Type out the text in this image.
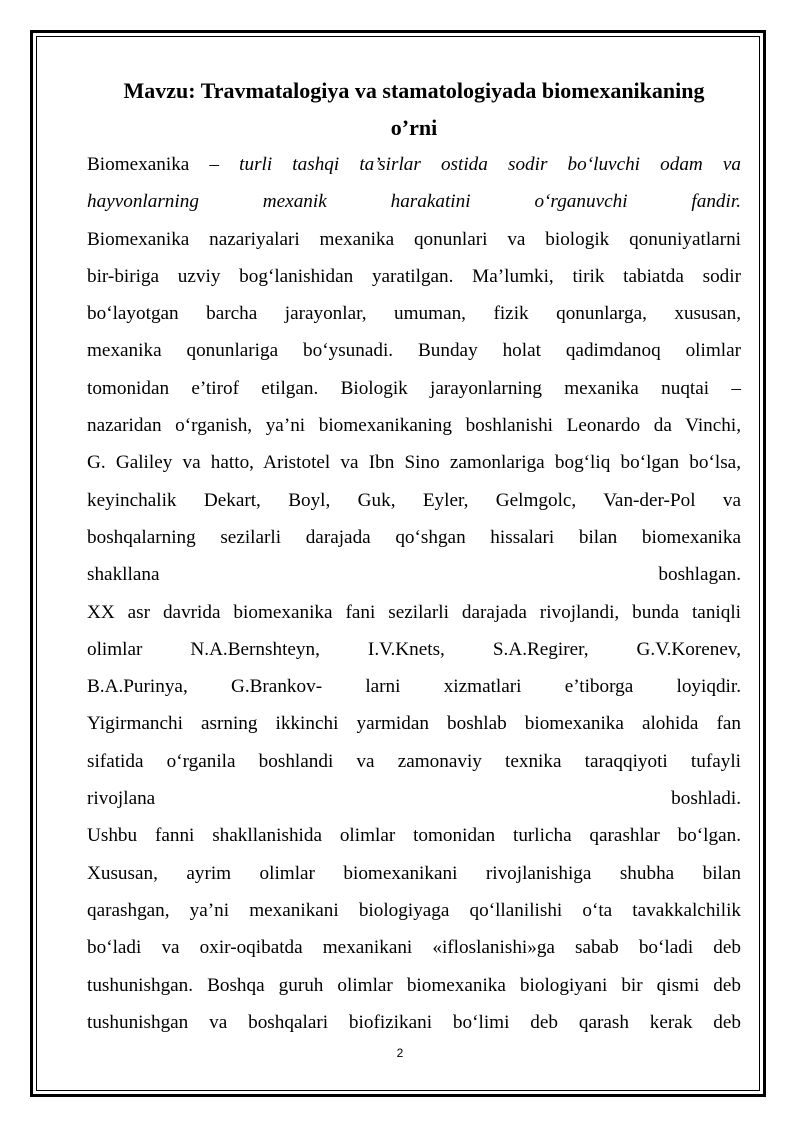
Mavzu: Travmatalogiya va stamatologiyada biomexanikaning
o’rni
Biomexanika – turli tashqi ta’sirlar ostida sodir bo‘luvchi odam va
hayvonlarning mexanik harakatini o‘rganuvchi fandir.
Biomexanika nazariyalari mexanika qonunlari va biologik qonuniyatlarni
bir-biriga uzviy bog‘lanishidan yaratilgan. Ma’lumki, tirik tabiatda sodir
bo‘layotgan barcha jarayonlar, umuman, fizik qonunlarga, xususan,
mexanika qonunlariga bo‘ysunadi. Bunday holat qadimdanoq olimlar
tomonidan e’tirof etilgan. Biologik jarayonlarning mexanika nuqtai –
nazaridan o‘rganish, ya’ni biomexanikaning boshlanishi Leonardo da Vinchi,
G. Galiley va hatto, Aristotel va Ibn Sino zamonlariga bog‘liq bo‘lgan bo‘lsa,
keyinchalik Dekart, Boyl, Guk, Eyler, Gelmgolc, Van-der-Pol va
boshqalarning sezilarli darajada qo‘shgan hissalari bilan biomexanika
shakllana boshlagan.
XX asr davrida biomexanika fani sezilarli darajada rivojlandi, bunda taniqli
olimlar N.A.Bernshteyn, I.V.Knets, S.A.Regirer, G.V.Korenev,
B.A.Purinya, G.Brankov- larni xizmatlari e’tiborga loyiqdir.
Yigirmanchi asrning ikkinchi yarmidan boshlab biomexanika alohida fan
sifatida o‘rganila boshlandi va zamonaviy texnika taraqqiyoti tufayli
rivojlana boshladi.
Ushbu fanni shakllanishida olimlar tomonidan turlicha qarashlar bo‘lgan.
Xususan, ayrim olimlar biomexanikani rivojlanishiga shubha bilan
qarashgan, ya’ni mexanikani biologiyaga qo‘llanilishi o‘ta tavakkalchilik
bo‘ladi va oxir-oqibatda mexanikani «ifloslanishi»ga sabab bo‘ladi deb
tushunishgan. Boshqa guruh olimlar biomexanika biologiyani bir qismi deb
tushunishgan va boshqalari biofizikani bo‘limi deb qarash kerak deb
2
